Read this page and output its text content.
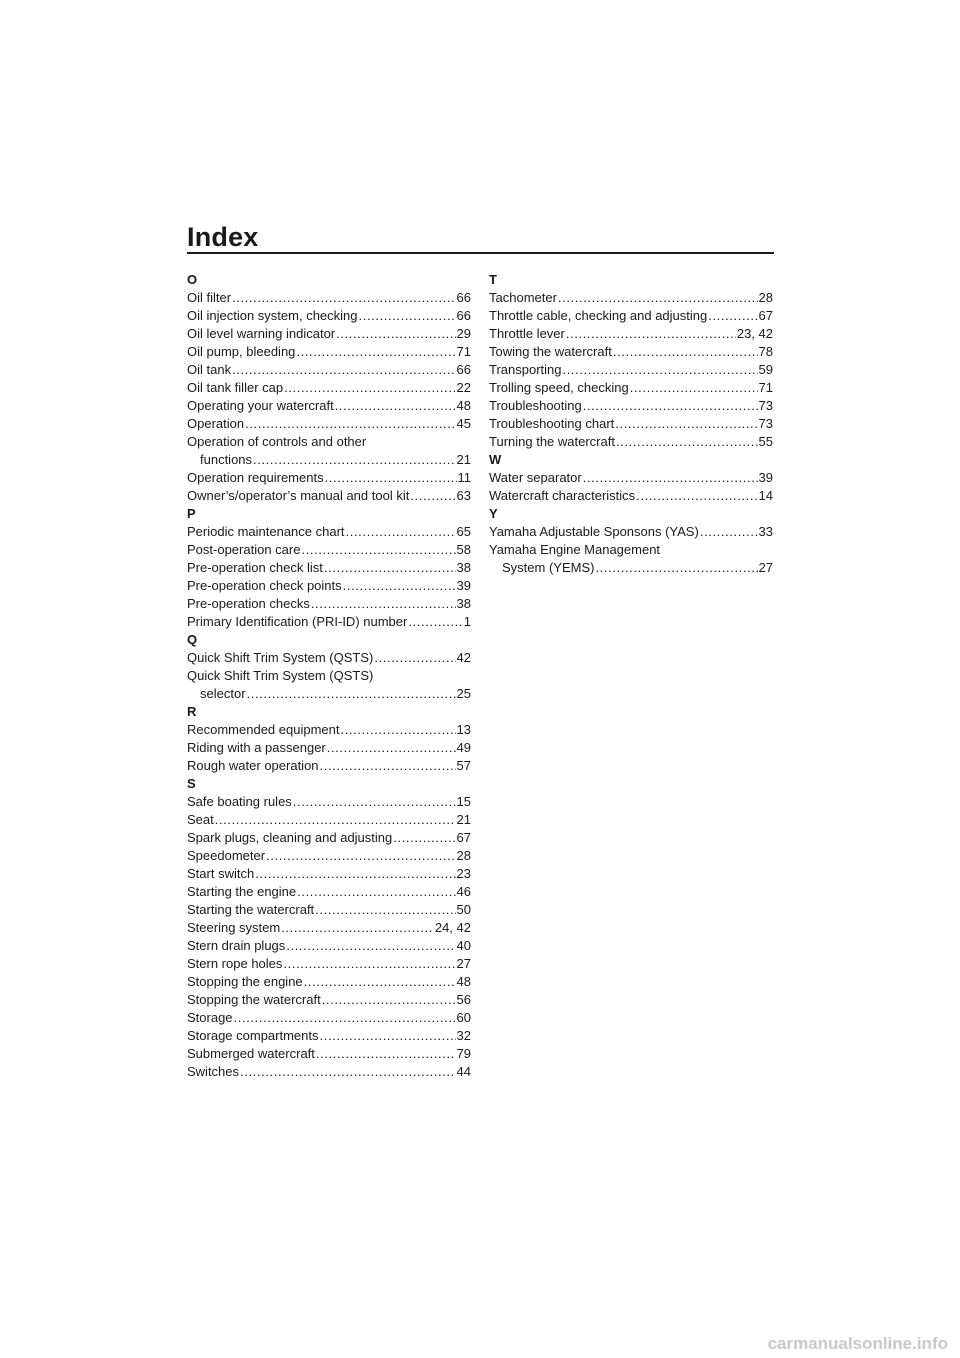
Index
O
Oil filter .....	66
Oil injection system, checking .....	66
Oil level warning indicator .....	29
Oil pump, bleeding .....	71
Oil tank .....	66
Oil tank filler cap .....	22
Operating your watercraft .....	48
Operation .....	45
Operation of controls and other
functions .....	21
Operation requirements .....	11
Owner’s/operator’s manual and tool kit .....	63
P
Periodic maintenance chart .....	65
Post-operation care .....	58
Pre-operation check list .....	38
Pre-operation check points .....	39
Pre-operation checks .....	38
Primary Identification (PRI-ID) number .....	1
Q
Quick Shift Trim System (QSTS) .....	42
Quick Shift Trim System (QSTS)
selector .....	25
R
Recommended equipment .....	13
Riding with a passenger .....	49
Rough water operation .....	57
S
Safe boating rules .....	15
Seat .....	21
Spark plugs, cleaning and adjusting .....	67
Speedometer .....	28
Start switch .....	23
Starting the engine .....	46
Starting the watercraft .....	50
Steering system .....	24, 42
Stern drain plugs .....	40
Stern rope holes .....	27
Stopping the engine .....	48
Stopping the watercraft .....	56
Storage .....	60
Storage compartments .....	32
Submerged watercraft .....	79
Switches .....	44
T
Tachometer .....	28
Throttle cable, checking and adjusting .....	67
Throttle lever .....	23, 42
Towing the watercraft .....	78
Transporting .....	59
Trolling speed, checking .....	71
Troubleshooting .....	73
Troubleshooting chart .....	73
Turning the watercraft .....	55
W
Water separator .....	39
Watercraft characteristics .....	14
Y
Yamaha Adjustable Sponsons (YAS) .....	33
Yamaha Engine Management
System (YEMS) .....	27
carmanualsonline.info
